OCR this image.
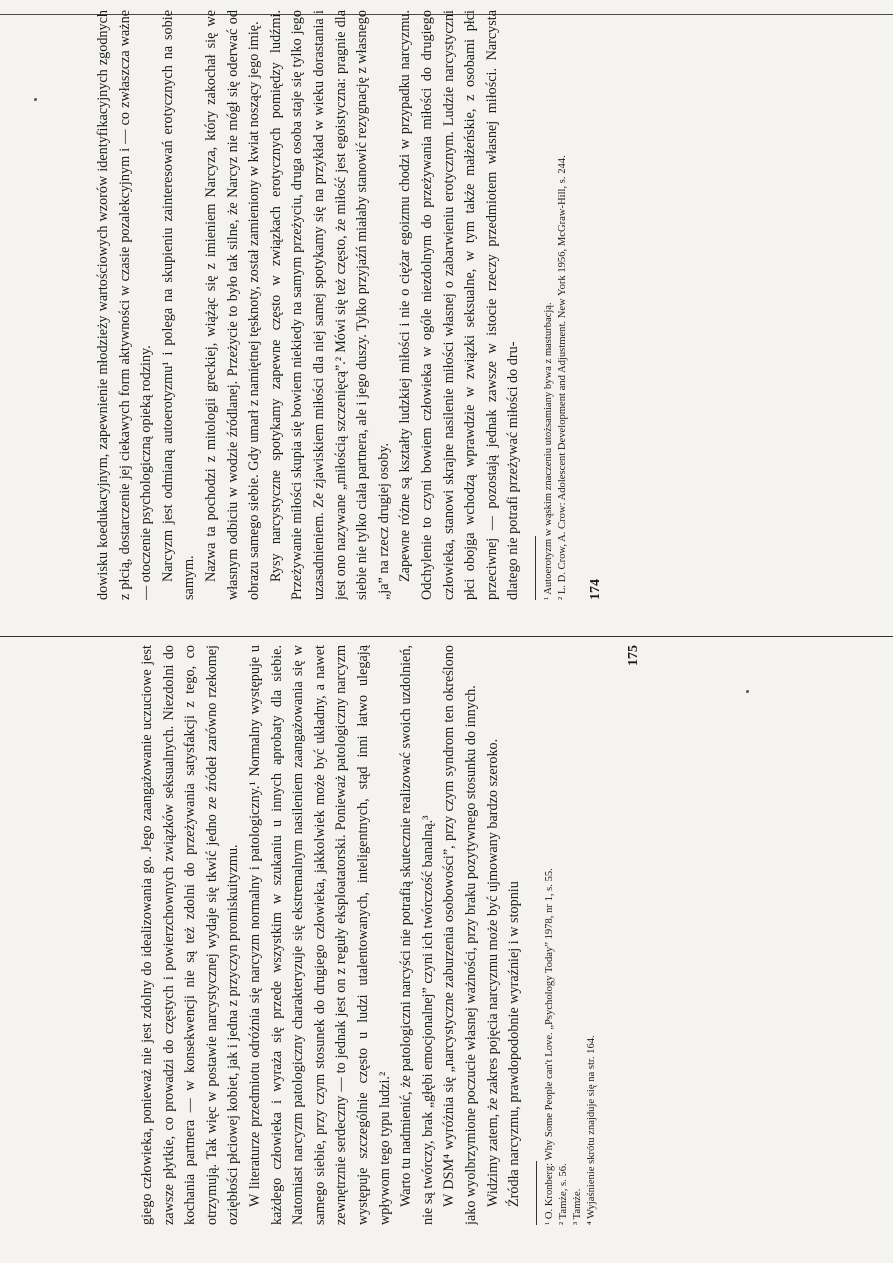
dowisku koedukacyjnym, zapewnienie młodzieży wartościowych wzorów identyfikacyjnych zgodnych z płcią, dostarczenie jej ciekawych form aktywności w czasie pozalekcyjnym i — co zwłaszcza ważne — otoczenie psychologiczną opieką rodziny. Narcyzm jest odmianą autoerotyzmu¹ i polega na skupieniu zainteresowań erotycznych na sobie samym. Nazwa ta pochodzi z mitologii greckiej, wiążąc się z imieniem Narcyza, który zakochał się we własnym odbiciu w wodzie źródlanej. Przeżycie to było tak silne, że Narcyz nie mógł się oderwać od obrazu samego siebie. Gdy umarł z namiętnej tęsknoty, został zamieniony w kwiat noszący jego imię. Rysy narcystyczne spotykamy zapewne często w związkach erotycznych pomiędzy ludźmi. Przeżywanie miłości skupia się bowiem niekiedy na samym przeżyciu, druga osoba staje się tylko jego uzasadnieniem. Ze zjawiskiem miłości dla niej samej spotykamy się na przykład w wieku dorastania i jest ono nazywane „miłością szczenięcą”.² Mówi się też często, że miłość jest egoistyczna: pragnie dla siebie nie tylko ciała partnera, ale i jego duszy. Tylko przyjaźń miałaby stanowić rezygnację z własnego „ja” na rzecz drugiej osoby. Zapewne różne są kształty ludzkiej miłości i nie o ciężar egoizmu chodzi w przypadku narcyzmu. Odchylenie to czyni bowiem człowieka w ogóle niezdolnym do przeżywania miłości do drugiego człowieka, stanowi skrajne nasilenie miłości własnej o zabarwieniu erotycznym. Ludzie narcystyczni płci obojga wchodzą wprawdzie w związki seksualne, w tym także małżeńskie, z osobami płci przeciwnej — pozostają jednak zawsze w istocie rzeczy przedmiotem własnej miłości. Narcysta dlatego nie potrafi przeżywać miłości do dru-	¹ Autoerotyzm w wąskim znaczeniu utożsamiany bywa z masturbacją. ² L. D. Crow, A. Crow: Adolescent Development and Adjustment. New York 1956, McGraw-Hill, s. 244. 174

giego człowieka, ponieważ nie jest zdolny do idealizowania go. Jego zaangażowanie uczuciowe jest zawsze płytkie, co prowadzi do częstych i powierzchownych związków seksualnych. Niezdolni do kochania partnera — w konsekwencji nie są też zdolni do przeżywania satysfakcji z tego, co otrzymują. Tak więc w postawie narcystycznej wydaje się tkwić jedno ze źródeł zarówno rzekomej oziębłości płciowej kobiet, jak i jedna z przyczyn promiskuityzmu. W literaturze przedmiotu odróżnia się narcyzm normalny i patologiczny.¹ Normalny występuje u każdego człowieka i wyraża się przede wszystkim w szukaniu u innych aprobaty dla siebie. Natomiast narcyzm patologiczny charakteryzuje się ekstremalnym nasileniem zaangażowania się w samego siebie, przy czym stosunek do drugiego człowieka, jakkolwiek może być układny, a nawet zewnętrznie serdeczny — to jednak jest on z reguły eksploatatorski. Ponieważ patologiczny narcyzm występuje szczególnie często u ludzi utalentowanych, inteligentnych, stąd inni łatwo ulegają wpływom tego typu ludzi.² Warto tu nadmienić, że patologiczni narcyści nie potrafią skutecznie realizować swoich uzdolnień, nie są twórczy, brak „głębi emocjonalnej” czyni ich twórczość banalną.³ W DSM⁴ wyróżnia się „narcystyczne zaburzenia osobowości”, przy czym syndrom ten określono jako wyolbrzymione poczucie własnej ważności, przy braku pozytywnego stosunku do innych. Widzimy zatem, że zakres pojęcia narcyzmu może być ujmowany bardzo szeroko. Źródła narcyzmu, prawdopodobnie wyraźniej i w stopniu	¹ O. Kronberg: Why Some People can't Love. „Psychology Today” 1978, nr 1, s. 55. ² Tamże, s. 56. ³ Tamże. ⁴ Wyjaśnienie skrótu znajduje się na str. 164.
175
